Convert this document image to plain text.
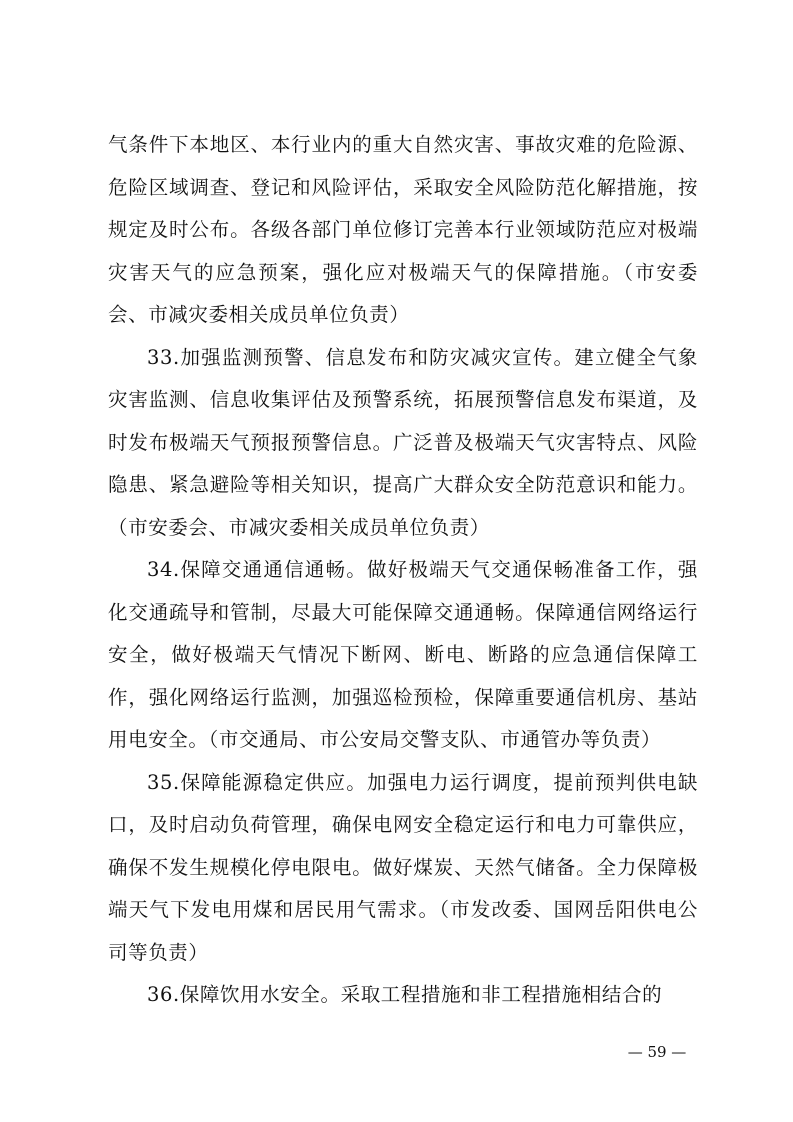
气条件下本地区、本行业内的重大自然灾害、事故灾难的危险源、危险区域调查、登记和风险评估，采取安全风险防范化解措施，按规定及时公布。各级各部门单位修订完善本行业领域防范应对极端灾害天气的应急预案，强化应对极端天气的保障措施。（市安委会、市减灾委相关成员单位负责）

33.加强监测预警、信息发布和防灾减灾宣传。建立健全气象灾害监测、信息收集评估及预警系统，拓展预警信息发布渠道，及时发布极端天气预报预警信息。广泛普及极端天气灾害特点、风险隐患、紧急避险等相关知识，提高广大群众安全防范意识和能力。（市安委会、市减灾委相关成员单位负责）

34.保障交通通信通畅。做好极端天气交通保畅准备工作，强化交通疏导和管制，尽最大可能保障交通通畅。保障通信网络运行安全，做好极端天气情况下断网、断电、断路的应急通信保障工作，强化网络运行监测，加强巡检预检，保障重要通信机房、基站用电安全。（市交通局、市公安局交警支队、市通管办等负责）

35.保障能源稳定供应。加强电力运行调度，提前预判供电缺口，及时启动负荷管理，确保电网安全稳定运行和电力可靠供应，确保不发生规模化停电限电。做好煤炭、天然气储备。全力保障极端天气下发电用煤和居民用气需求。（市发改委、国网岳阳供电公司等负责）

36.保障饮用水安全。采取工程措施和非工程措施相结合的

— 59 —
